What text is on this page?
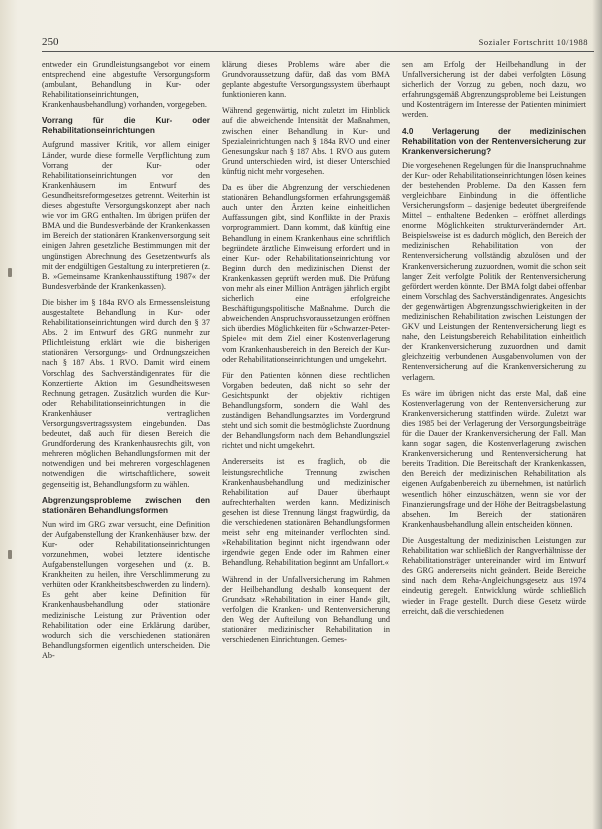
250	Sozialer Fortschritt 10/1988

entweder ein Grundleistungsangebot vor einem entsprechend eine abgestufte Versorgungsform (ambulant, Behandlung in Kur- oder Rehabilitationseinrichtungen, Krankenhausbehandlung) vorhanden, vorgegeben.

Vorrang für die Kur- oder Rehabilitationseinrichtungen

Aufgrund massiver Kritik, vor allem einiger Länder, wurde diese formelle Verpflichtung zum Vorrang der Kur- oder Rehabilitationseinrichtungen vor den Krankenhäusern im Entwurf des Gesundheitsreformgesetzes getrennt. Weiterhin ist dieses abgestufte Versorgungskonzept aber nach wie vor im GRG enthalten. Im übrigen prüfen der BMA und die Bundesverbände der Krankenkassen im Bereich der stationären Krankenversorgung seit einigen Jahren gesetzliche Bestimmungen mit der ungünstigen Abrechnung des Gesetzentwurfs als mit der endgültigen Gestaltung zu interpretieren (z. B. »Gemeinsame Krankenhausstiftung 1987« der Bundesverbände der Krankenkassen).

Die bisher im § 184a RVO als Ermessensleistung ausgestaltete Behandlung in Kur- oder Rehabilitationseinrichtungen wird durch den § 37 Abs. 2 im Entwurf des GRG nunmehr zur Pflichtleistung erklärt wie die bisherigen stationären Versorgungs- und Ordnungszeichen nach § 187 Abs. 1 RVO. Damit wird einem Vorschlag des Sachverständigenrates für die Konzertierte Aktion im Gesundheitswesen Rechnung getragen. Zusätzlich wurden die Kur- oder Rehabilitationseinrichtungen in die Krankenhäuser vertraglichen Versorgungsvertragssystem eingebunden. Das bedeutet, daß auch für diesen Bereich die Grundforderung des Krankenhausrechts gilt, von mehreren möglichen Behandlungsformen mit der notwendigen und bei mehreren vorgeschlagenen notwendigen die wirtschaftlichere, soweit gegenseitig ist, Behandlungsform zu wählen.

Abgrenzungsprobleme zwischen den stationären Behandlungsformen

Nun wird im GRG zwar versucht, eine Definition der Aufgabenstellung der Krankenhäuser bzw. der Kur- oder Rehabilitationseinrichtungen vorzunehmen, wobei letztere identische Aufgabenstellungen vorgesehen und (z. B. Krankheiten zu heilen, ihre Verschlimmerung zu verhüten oder Krankheitsbeschwerden zu lindern). Es geht aber keine Definition für Krankenhausbehandlung oder stationäre medizinische Leistung zur Prävention oder Rehabilitation oder eine Erklärung darüber, wodurch sich die verschiedenen stationären Behandlungsformen eigentlich unterscheiden. Die Ab-

klärung dieses Problems wäre aber die Grundvoraussetzung dafür, daß das vom BMA geplante abgestufte Versorgungssystem überhaupt funktionieren kann.

Während gegenwärtig, nicht zuletzt im Hinblick auf die abweichende Intensität der Maßnahmen, zwischen einer Behandlung in Kur- und Spezialeinrichtungen nach § 184a RVO und einer Genesungskur nach § 187 Abs. 1 RVO aus gutem Grund unterschieden wird, ist dieser Unterschied künftig nicht mehr vorgesehen.

Da es über die Abgrenzung der verschiedenen stationären Behandlungsformen erfahrungsgemäß auch unter den Ärzten keine einheitlichen Auffassungen gibt, sind Konflikte in der Praxis vorprogrammiert. Dann kommt, daß künftig eine Behandlung in einem Krankenhaus eine schriftlich begründete ärztliche Einweisung erfordert und in einer Kur- oder Rehabilitationseinrichtung vor Beginn durch den medizinischen Dienst der Krankenkassen geprüft werden muß. Die Prüfung von mehr als einer Million Anträgen jährlich ergibt sicherlich eine erfolgreiche Beschäftigungspolitische Maßnahme. Durch die abweichenden Anspruchsvoraussetzungen eröffnen sich überdies Möglichkeiten für »Schwarzer-Peter-Spiele« mit dem Ziel einer Kostenverlagerung vom Krankenhausbereich in den Bereich der Kur- oder Rehabilitationseinrichtungen und umgekehrt.

Für den Patienten können diese rechtlichen Vorgaben bedeuten, daß nicht so sehr der Gesichtspunkt der objektiv richtigen Behandlungsform, sondern die Wahl des zuständigen Behandlungsarztes im Vordergrund steht und sich somit die bestmöglichste Zuordnung der Behandlungsform nach dem Behandlungsziel richtet und nicht umgekehrt.

Andererseits ist es fraglich, ob die leistungsrechtliche Trennung zwischen Krankenhausbehandlung und medizinischer Rehabilitation auf Dauer überhaupt aufrechterhalten werden kann. Medizinisch gesehen ist diese Trennung längst fragwürdig, da die verschiedenen stationären Behandlungsformen meist sehr eng miteinander verflochten sind. »Rehabilitation beginnt nicht irgendwann oder irgendwie gegen Ende oder im Rahmen einer Behandlung. Rehabilitation beginnt am Unfallort.«

Während in der Unfallversicherung im Rahmen der Heilbehandlung deshalb konsequent der Grundsatz »Rehabilitation in einer Hand« gilt, verfolgen die Kranken- und Rentenversicherung den Weg der Aufteilung von Behandlung und stationärer medizinischer Rehabilitation in verschiedenen Einrichtungen. Gemes-

sen am Erfolg der Heilbehandlung in der Unfallversicherung ist der dabei verfolgten Lösung sicherlich der Vorzug zu geben, noch dazu, wo erfahrungsgemäß Abgrenzungsprobleme bei Leistungen und Kostenträgern im Interesse der Patienten minimiert werden.

4.0 Verlagerung der medizinischen Rehabilitation von der Rentenversicherung zur Krankenversicherung?

Die vorgesehenen Regelungen für die Inanspruchnahme der Kur- oder Rehabilitationseinrichtungen lösen keines der bestehenden Probleme. Da den Kassen fern vergleichbare Einbindung in die öffentliche Versicherungsform – dasjenige bedeutet übergreifende Mittel – enthaltene Bedenken – eröffnet allerdings enorme Möglichkeiten strukturverändernder Art. Beispielsweise ist es dadurch möglich, den Bereich der medizinischen Rehabilitation von der Rentenversicherung vollständig abzulösen und der Krankenversicherung zuzuordnen, womit die schon seit langer Zeit verfolgte Politik der Rentenversicherung gefördert werden könnte. Der BMA folgt dabei offenbar einem Vorschlag des Sachverständigenrates. Angesichts der gegenwärtigen Abgrenzungsschwierigkeiten in der medizinischen Rehabilitation zwischen Leistungen der GKV und Leistungen der Rentenversicherung liegt es nahe, den Leistungsbereich Rehabilitation einheitlich der Krankenversicherung zuzuordnen und damit gleichzeitig verbundenen Ausgabenvolumen von der Rentenversicherung auf die Krankenversicherung zu verlagern.

Es wäre im übrigen nicht das erste Mal, daß eine Kostenverlagerung von der Rentenversicherung zur Krankenversicherung stattfinden würde. Zuletzt war dies 1985 bei der Verlagerung der Versorgungsbeiträge für die Dauer der Krankenversicherung der Fall. Man kann sogar sagen, die Kostenverlagerung zwischen Krankenversicherung und Rentenversicherung hat bereits Tradition. Die Bereitschaft der Krankenkassen, den Bereich der medizinischen Rehabilitation als eigenen Aufgabenbereich zu übernehmen, ist natürlich wesentlich höher einzuschätzen, wenn sie vor der Finanzierungsfrage und der Höhe der Beitragsbelastung absehen. Im Bereich der stationären Krankenhausbehandlung allein entscheiden können.

Die Ausgestaltung der medizinischen Leistungen zur Rehabilitation war schließlich der Rangverhältnisse der Rehabilitationsträger untereinander wird im Entwurf des GRG andererseits nicht geändert. Beide Bereiche sind nach dem Reha-Angleichungsgesetz aus 1974 eindeutig geregelt. Entwicklung würde schließlich wieder in Frage gestellt. Durch diese Gesetz würde erreicht, daß die verschiedenen
